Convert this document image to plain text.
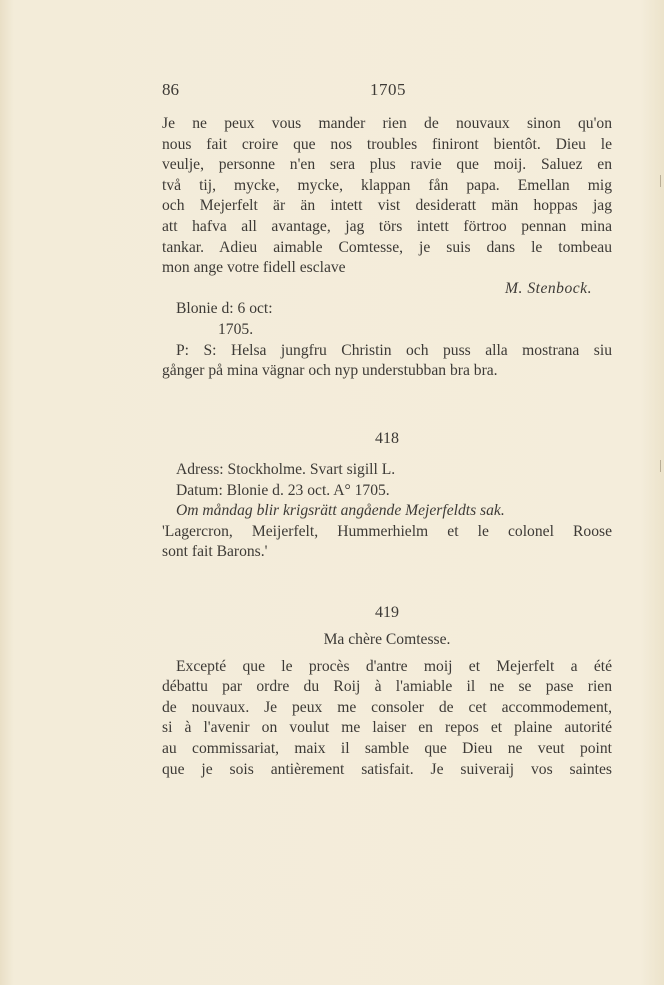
86	1705
Je ne peux vous mander rien de nouvaux sinon qu'on
nous fait croire que nos troubles finiront bientôt. Dieu le
veulje, personne n'en sera plus ravie que moij. Saluez en
två tij, mycke, mycke, klappan fån papa. Emellan mig
och Mejerfelt är än intett vist desideratt män hoppas jag
att hafva all avantage, jag törs intett förtroo pennan mina
tankar. Adieu aimable Comtesse, je suis dans le tombeau
mon ange votre fidell esclave
M. Stenbock.
Blonie d: 6 oct:
1705.
P: S: Helsa jungfru Christin och puss alla mostrana siu
gånger på mina vägnar och nyp understubban bra bra.
418
Adress: Stockholme. Svart sigill L.
Datum: Blonie d. 23 oct. A° 1705.
Om måndag blir krigsrätt angående Mejerfeldts sak.
'Lagercron, Meijerfelt, Hummerhielm et le colonel Roose
sont fait Barons.'
419
Ma chère Comtesse.
Excepté que le procès d'antre moij et Mejerfelt a été
débattu par ordre du Roij à l'amiable il ne se pase rien
de nouvaux. Je peux me consoler de cet accommodement,
si à l'avenir on voulut me laiser en repos et plaine autorité
au commissariat, maix il samble que Dieu ne veut point
que je sois antièrement satisfait. Je suiveraij vos saintes
